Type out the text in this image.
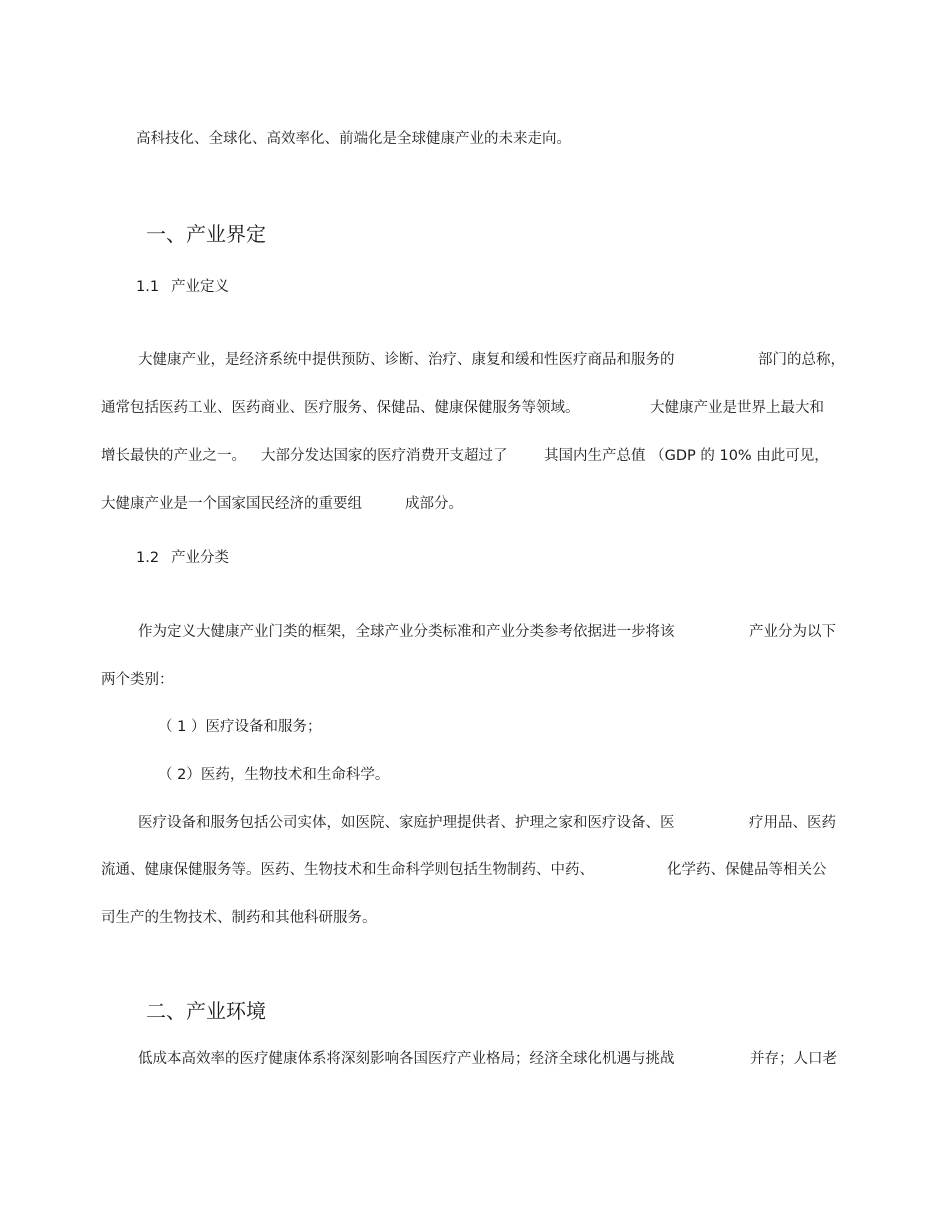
高科技化、全球化、高效率化、前端化是全球健康产业的未来走向。
一、产业界定
1.1 产业定义
大健康产业，是经济系统中提供预防、诊断、治疗、康复和缓和性医疗商品和服务的	部门的总称，
通常包括医药工业、医药商业、医疗服务、保健品、健康保健服务等领域。	大健康产业是世界上最大和
增长最快的产业之一。 大部分发达国家的医疗消费开支超过了	其国内生产总值 （GDP 的 10% 由此可见，
大健康产业是一个国家国民经济的重要组	成部分。
1.2 产业分类
作为定义大健康产业门类的框架，全球产业分类标准和产业分类参考依据进一步将该	产业分为以下
两个类别：
（ 1 ）医疗设备和服务；
（ 2）医药，生物技术和生命科学。
医疗设备和服务包括公司实体，如医院、家庭护理提供者、护理之家和医疗设备、医	疗用品、医药
流通、健康保健服务等。医药、生物技术和生命科学则包括生物制药、中药、	化学药、保健品等相关公
司生产的生物技术、制药和其他科研服务。
二、产业环境
低成本高效率的医疗健康体系将深刻影响各国医疗产业格局；经济全球化机遇与挑战	并存；人口老
